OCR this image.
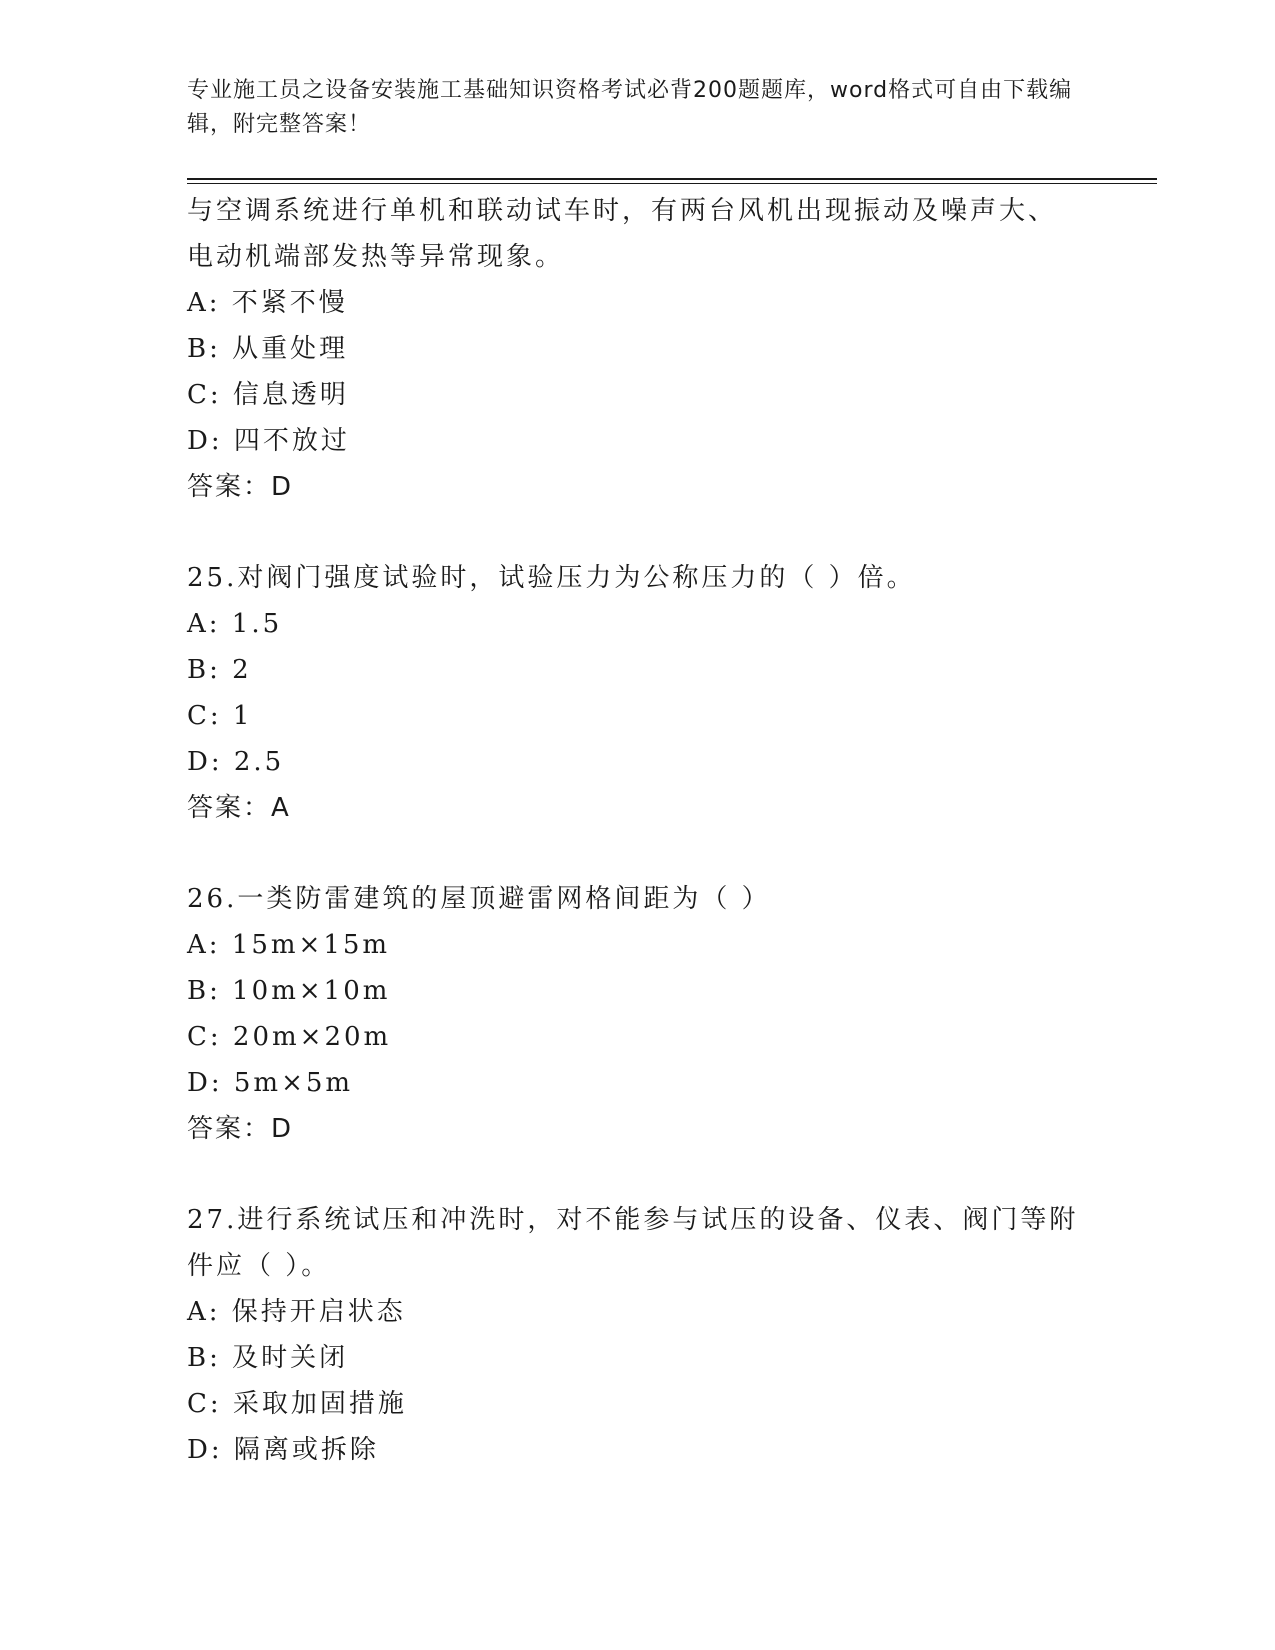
专业施工员之设备安装施工基础知识资格考试必背200题题库，word格式可自由下载编辑，附完整答案！
与空调系统进行单机和联动试车时，有两台风机出现振动及噪声大、
电动机端部发热等异常现象。
A: 不紧不慢
B: 从重处理
C: 信息透明
D: 四不放过
答案：D
25.对阀门强度试验时，试验压力为公称压力的（ ）倍。
A: 1.5
B: 2
C: 1
D: 2.5
答案：A
26.一类防雷建筑的屋顶避雷网格间距为（ ）
A: 15m×15m
B: 10m×10m
C: 20m×20m
D: 5m×5m
答案：D
27.进行系统试压和冲洗时，对不能参与试压的设备、仪表、阀门等附
件应（ ）。
A: 保持开启状态
B: 及时关闭
C: 采取加固措施
D: 隔离或拆除
